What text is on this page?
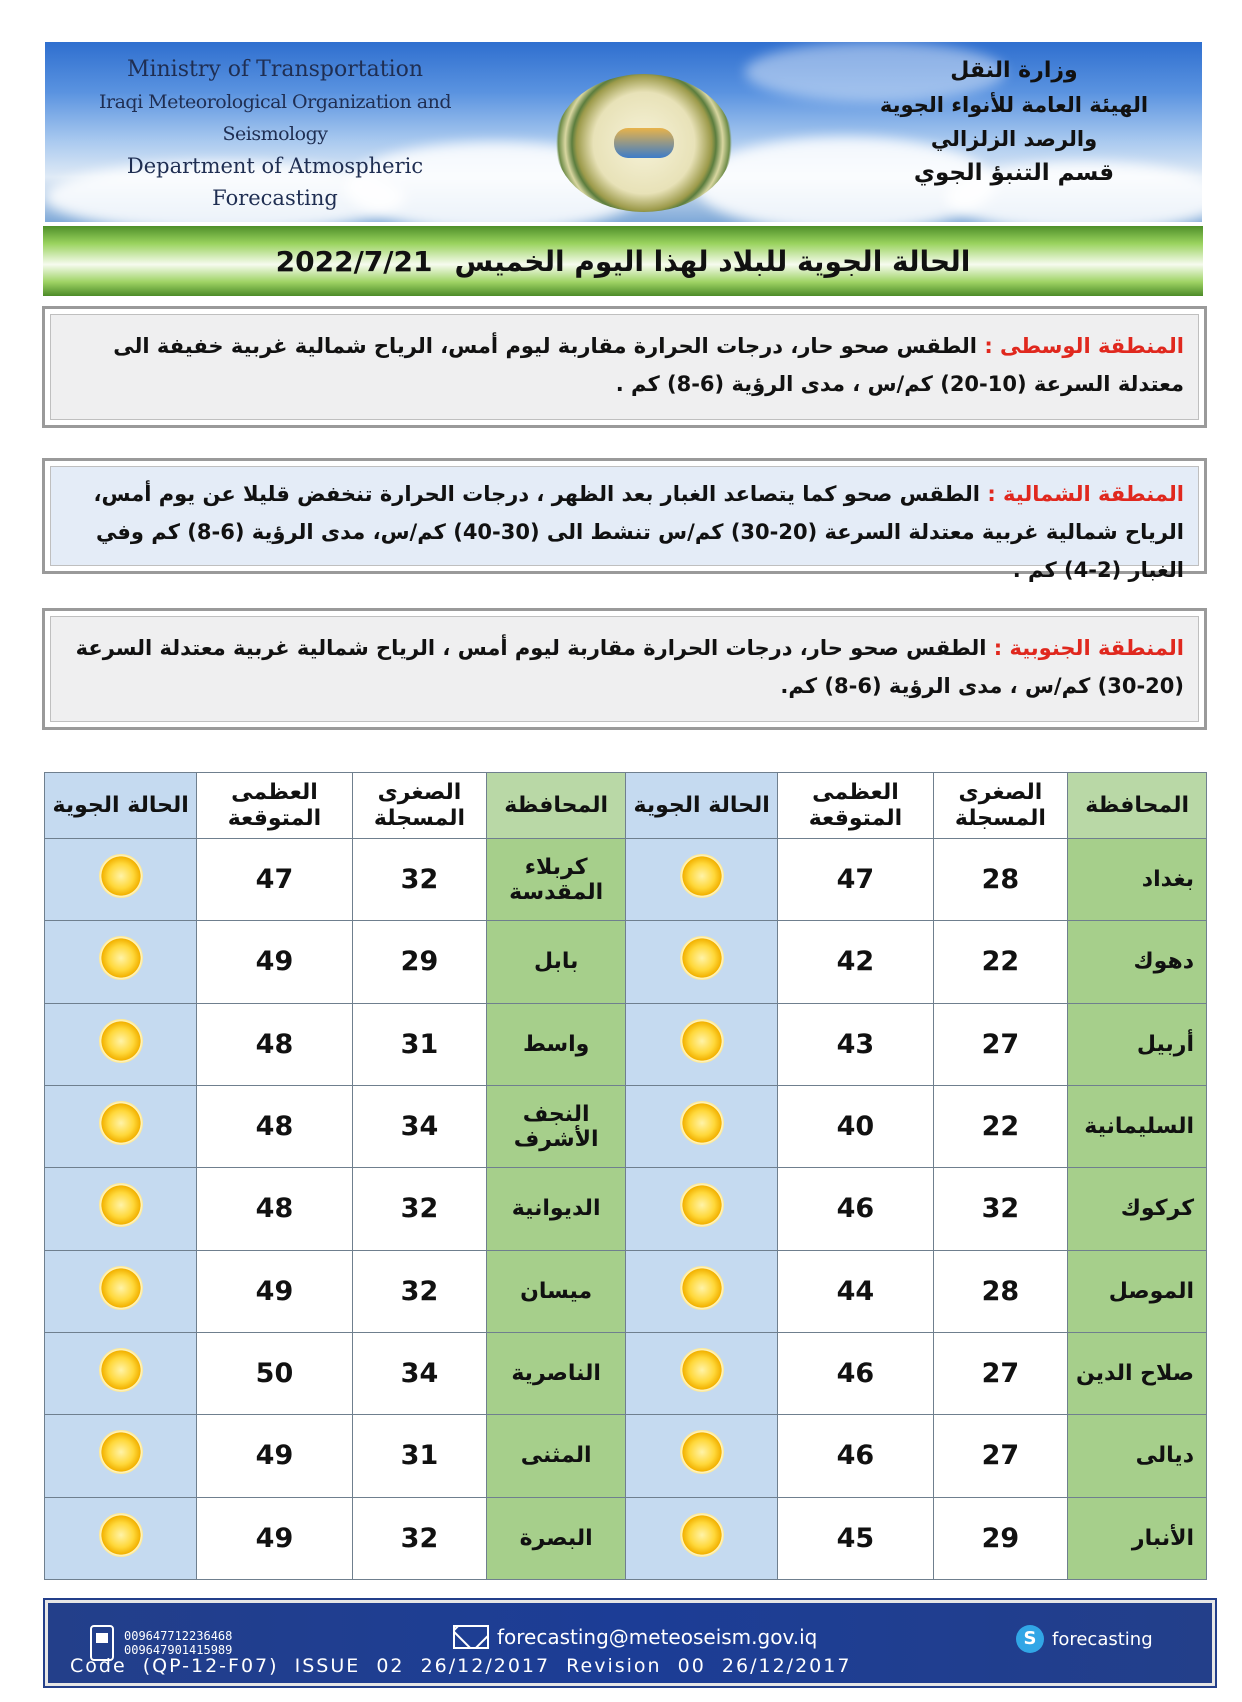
Ministry of Transportation
Iraqi Meteorological Organization and Seismology
Department of Atmospheric Forecasting
وزارة النقل
الهيئة العامة للأنواء الجوية والرصد الزلزالي
قسم التنبؤ الجوي
الحالة الجوية للبلاد لهذا اليوم الخميس
2022/7/21
المنطقة الوسطى : الطقس صحو حار، درجات الحرارة مقاربة ليوم أمس، الرياح شمالية غربية خفيفة الى معتدلة السرعة (10-20) كم/س ، مدى الرؤية (6-8) كم .
المنطقة الشمالية : الطقس صحو كما يتصاعد الغبار بعد الظهر ، درجات الحرارة تنخفض قليلا عن يوم أمس، الرياح شمالية غربية معتدلة السرعة (20-30) كم/س تنشط الى (30-40) كم/س، مدى الرؤية (6-8) كم وفي الغبار (2-4) كم .
المنطقة الجنوبية : الطقس صحو حار، درجات الحرارة مقاربة ليوم أمس ، الرياح شمالية غربية معتدلة السرعة (20-30) كم/س ، مدى الرؤية (6-8) كم.
المحافظة	الصغرى المسجلة	العظمى المتوقعة	الحالة الجوية	المحافظة	الصغرى المسجلة	العظمى المتوقعة	الحالة الجوية
بغداد	28	47		كربلاء المقدسة	32	47	
دهوك	22	42		بابل	29	49	
أربيل	27	43		واسط	31	48	
السليمانية	22	40		النجف الأشرف	34	48	
كركوك	32	46		الديوانية	32	48	
الموصل	28	44		ميسان	32	49	
صلاح الدين	27	46		الناصرية	34	50	
ديالى	27	46		المثنى	31	49	
الأنبار	29	45		البصرة	32	49	
009647712236468
009647901415989
forecasting@meteoseism.gov.iq	S forecasting
Code  (QP-12-F07)  ISSUE  02  26/12/2017  Revision  00  26/12/2017
